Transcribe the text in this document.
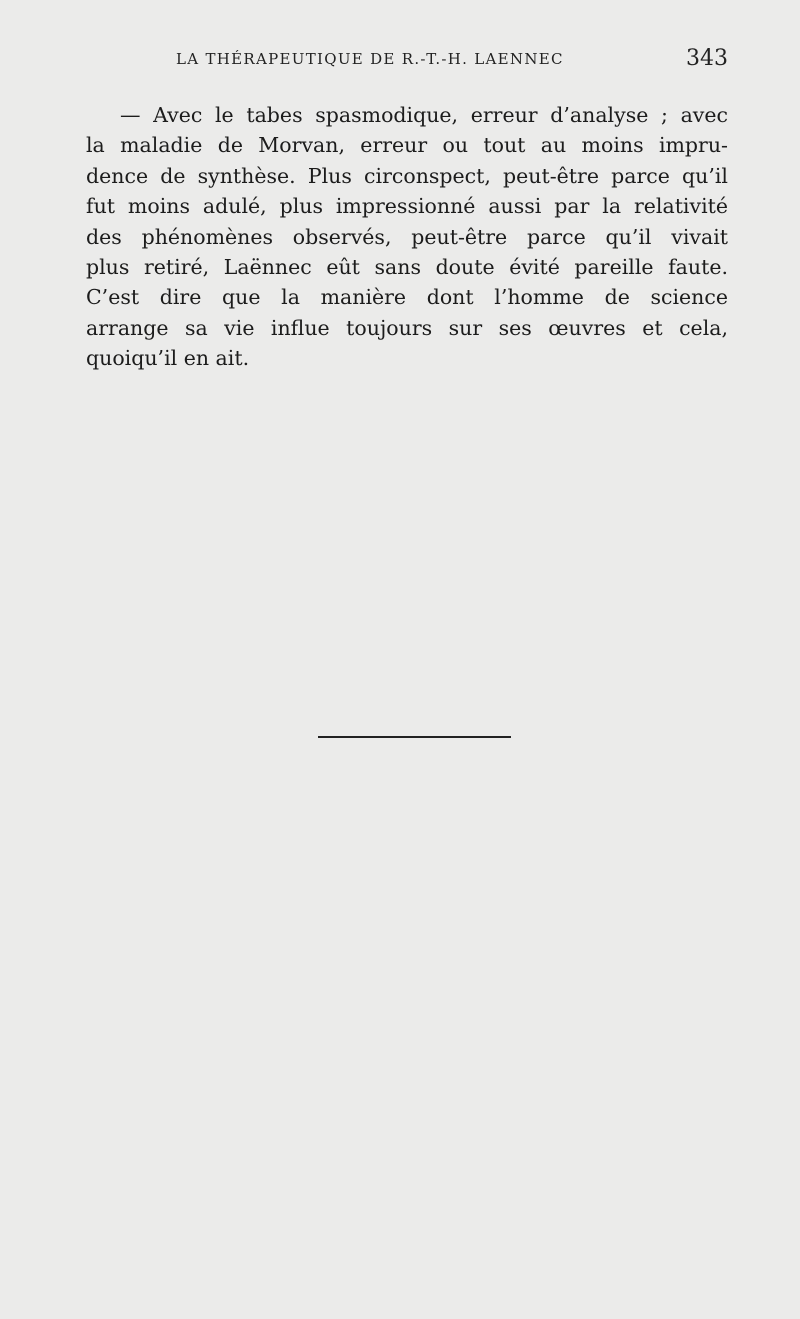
LA THÉRAPEUTIQUE DE R.-T.-H. LAENNEC	343
— Avec le tabes spasmodique, erreur d’analyse ; avec
la maladie de Morvan, erreur ou tout au moins impru-
dence de synthèse. Plus circonspect, peut-être parce qu’il
fut moins adulé, plus impressionné aussi par la relativité
des phénomènes observés, peut-être parce qu’il vivait
plus retiré, Laënnec eût sans doute évité pareille faute.
C’est dire que la manière dont l’homme de science
arrange sa vie influe toujours sur ses œuvres et cela,
quoiqu’il en ait.
